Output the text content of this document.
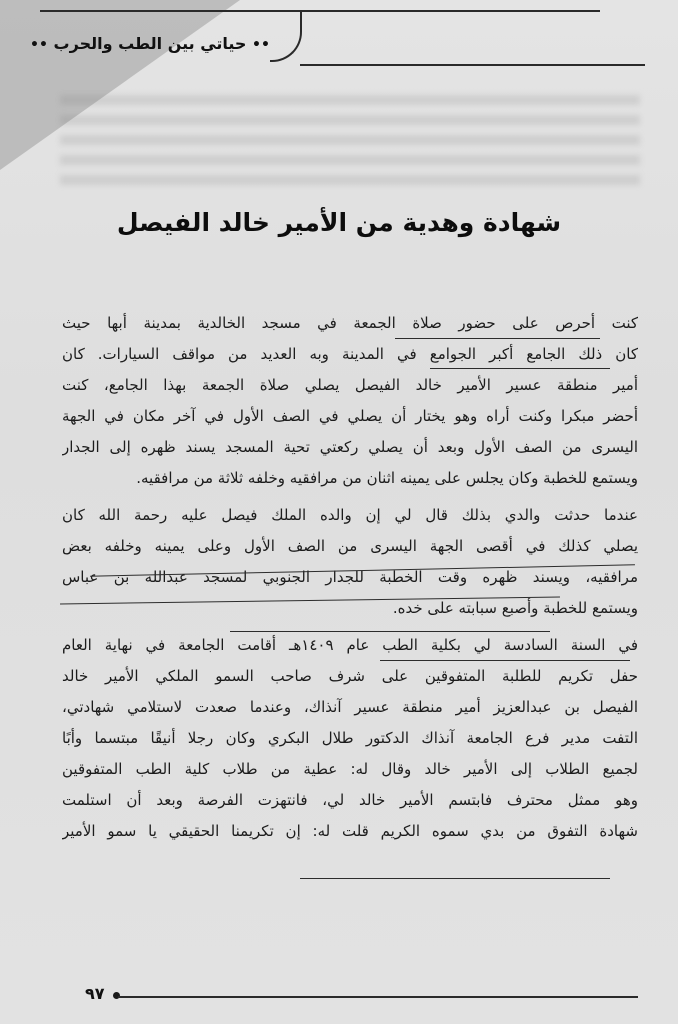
•• حياتي بين الطب والحرب ••
شهادة وهدية من الأمير خالد الفيصل
كنت أحرص على حضور صلاة الجمعة في مسجد الخالدية بمدينة أبها حيث
كان ذلك الجامع أكبر الجوامع في المدينة وبه العديد من مواقف السيارات. كان
أمير منطقة عسير الأمير خالد الفيصل يصلي صلاة الجمعة بهذا الجامع، كنت
أحضر مبكرا وكنت أراه وهو يختار أن يصلي في الصف الأول في آخر مكان في الجهة
اليسرى من الصف الأول وبعد أن يصلي ركعتي تحية المسجد يسند ظهره إلى الجدار
ويستمع للخطبة وكان يجلس على يمينه اثنان من مرافقيه وخلفه ثلاثة من مرافقيه.
عندما حدثت والدي بذلك قال لي إن والده الملك فيصل عليه رحمة الله كان
يصلي كذلك في أقصى الجهة اليسرى من الصف الأول وعلى يمينه وخلفه بعض
مرافقيه، ويسند ظهره وقت الخطبة للجدار الجنوبي لمسجد عبدالله بن عباس
ويستمع للخطبة وأصبع سبابته على خده.
في السنة السادسة لي بكلية الطب عام ١٤٠٩هـ أقامت الجامعة في نهاية العام
حفل تكريم للطلبة المتفوقين على شرف صاحب السمو الملكي الأمير خالد
الفيصل بن عبدالعزيز أمير منطقة عسير آنذاك، وعندما صعدت لاستلامي شهادتي،
التفت مدير فرع الجامعة آنذاك الدكتور طلال البكري وكان رجلا أنيقًا مبتسما وأبًا
لجميع الطلاب إلى الأمير خالد وقال له: عطية من طلاب كلية الطب المتفوقين
وهو ممثل محترف فابتسم الأمير خالد لي، فانتهزت الفرصة وبعد أن استلمت
شهادة التفوق من بدي سموه الكريم قلت له: إن تكريمنا الحقيقي يا سمو الأمير
٩٧
